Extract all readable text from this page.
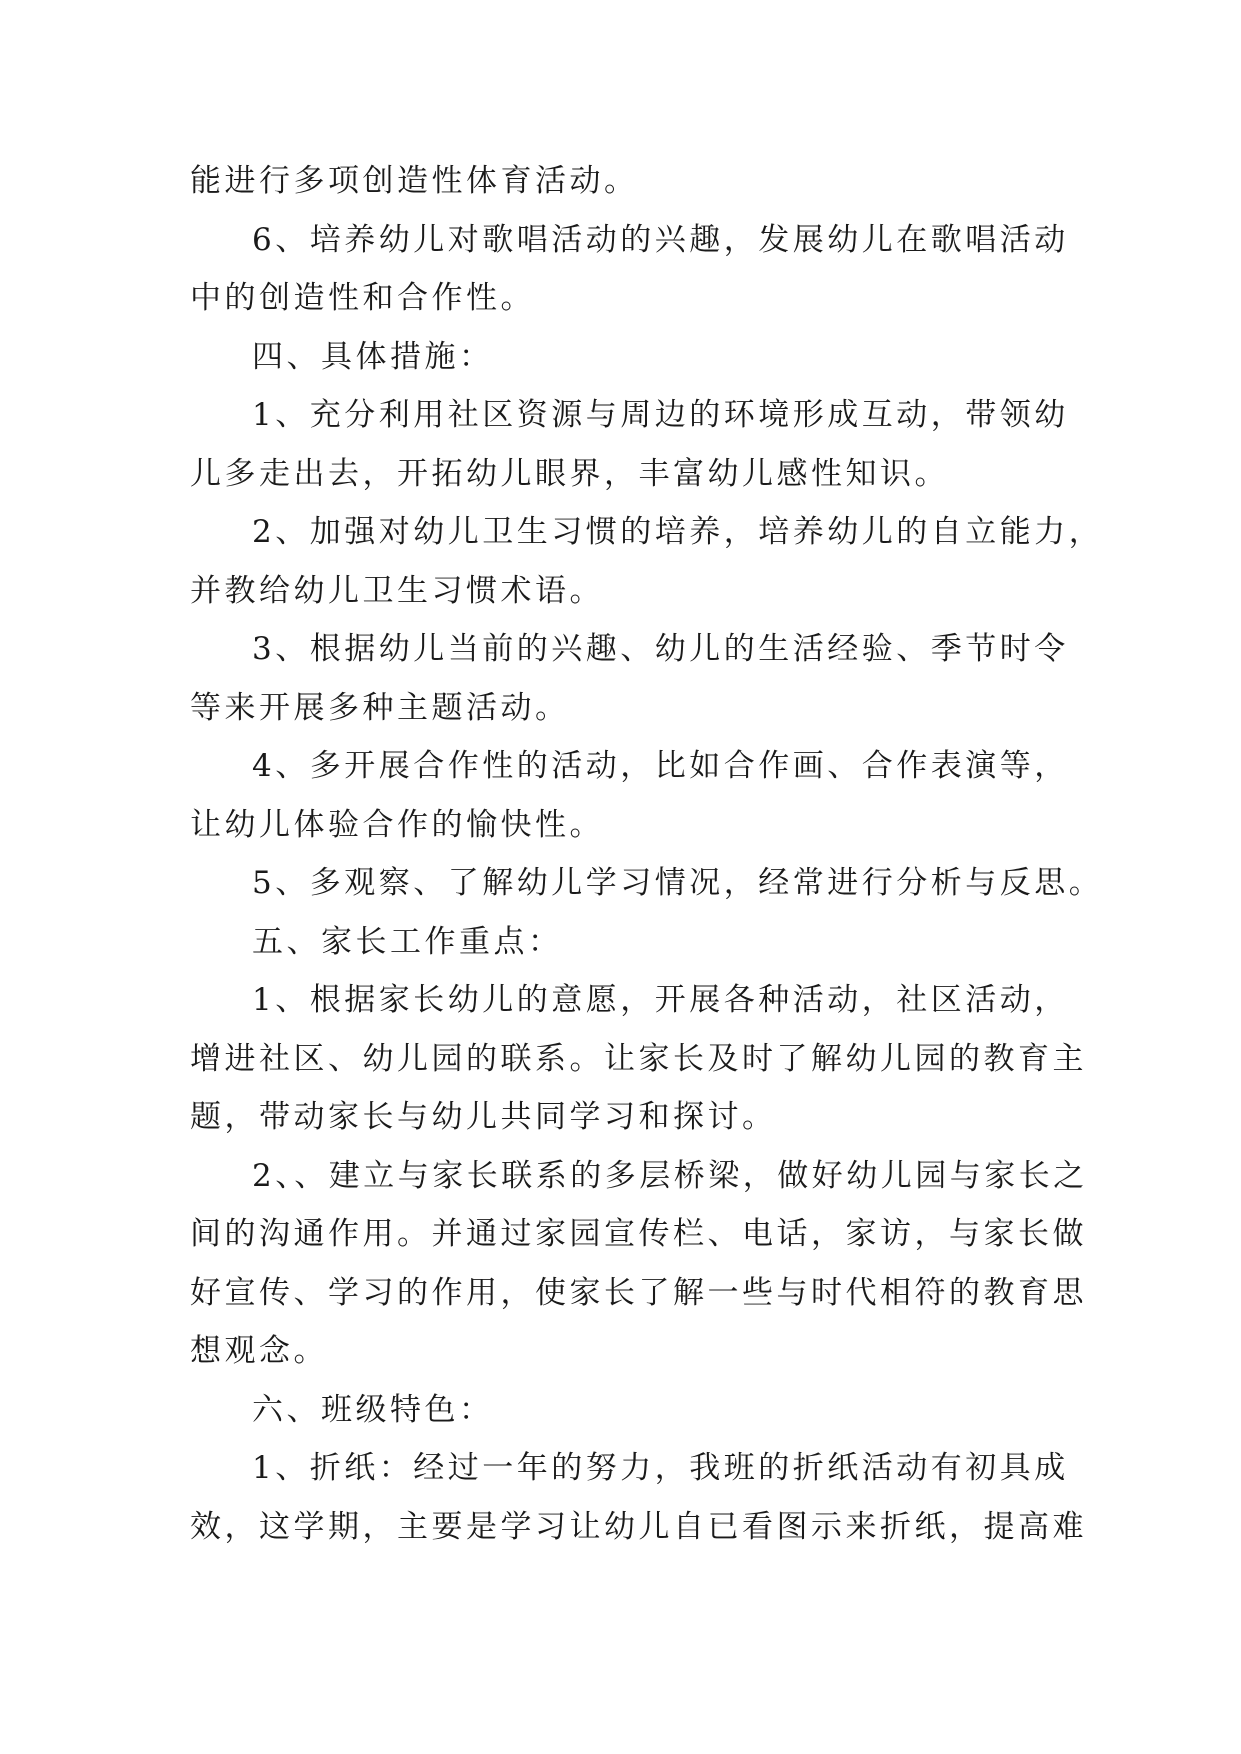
能进行多项创造性体育活动。
6、培养幼儿对歌唱活动的兴趣，发展幼儿在歌唱活动
中的创造性和合作性。
四、具体措施：
1、充分利用社区资源与周边的环境形成互动，带领幼
儿多走出去，开拓幼儿眼界，丰富幼儿感性知识。
2、加强对幼儿卫生习惯的培养，培养幼儿的自立能力，
并教给幼儿卫生习惯术语。
3、根据幼儿当前的兴趣、幼儿的生活经验、季节时令
等来开展多种主题活动。
4、多开展合作性的活动，比如合作画、合作表演等，
让幼儿体验合作的愉快性。
5、多观察、了解幼儿学习情况，经常进行分析与反思。
五、家长工作重点：
1、根据家长幼儿的意愿，开展各种活动，社区活动，
增进社区、幼儿园的联系。让家长及时了解幼儿园的教育主
题，带动家长与幼儿共同学习和探讨。
2、、建立与家长联系的多层桥梁，做好幼儿园与家长之
间的沟通作用。并通过家园宣传栏、电话，家访，与家长做
好宣传、学习的作用，使家长了解一些与时代相符的教育思
想观念。
六、班级特色：
1、折纸：经过一年的努力，我班的折纸活动有初具成
效，这学期，主要是学习让幼儿自已看图示来折纸，提高难
